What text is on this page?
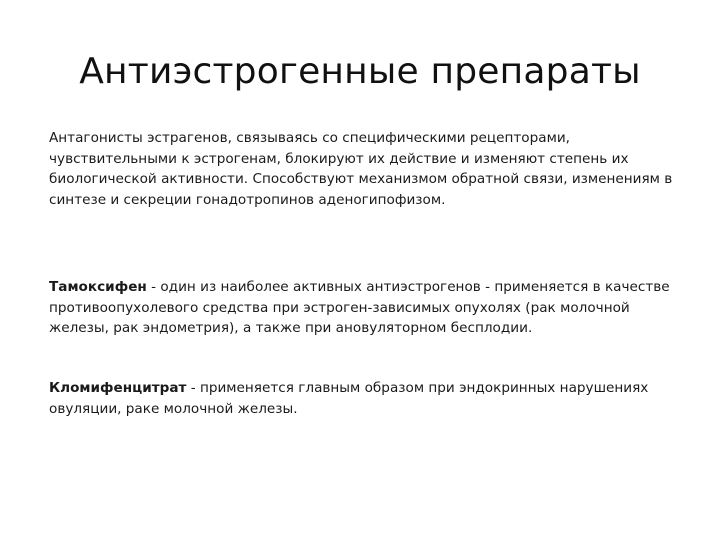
Антиэстрогенные препараты

Антагонисты эстрагенов, связываясь со специфическими рецепторами, чувствительными к эстрогенам, блокируют их действие и изменяют степень их биологической активности. Способствуют механизмом обратной связи, изменениям в синтезе и секреции гонадотропинов аденогипофизом.

Тамоксифен - один из наиболее активных антиэстрогенов - применяется в качестве противоопухолевого средства при эстроген-зависимых опухолях (рак молочной железы, рак эндометрия), а также при ановуляторном бесплодии.

Кломифенцитрат - применяется главным образом при эндокринных нарушениях овуляции, раке молочной железы.
